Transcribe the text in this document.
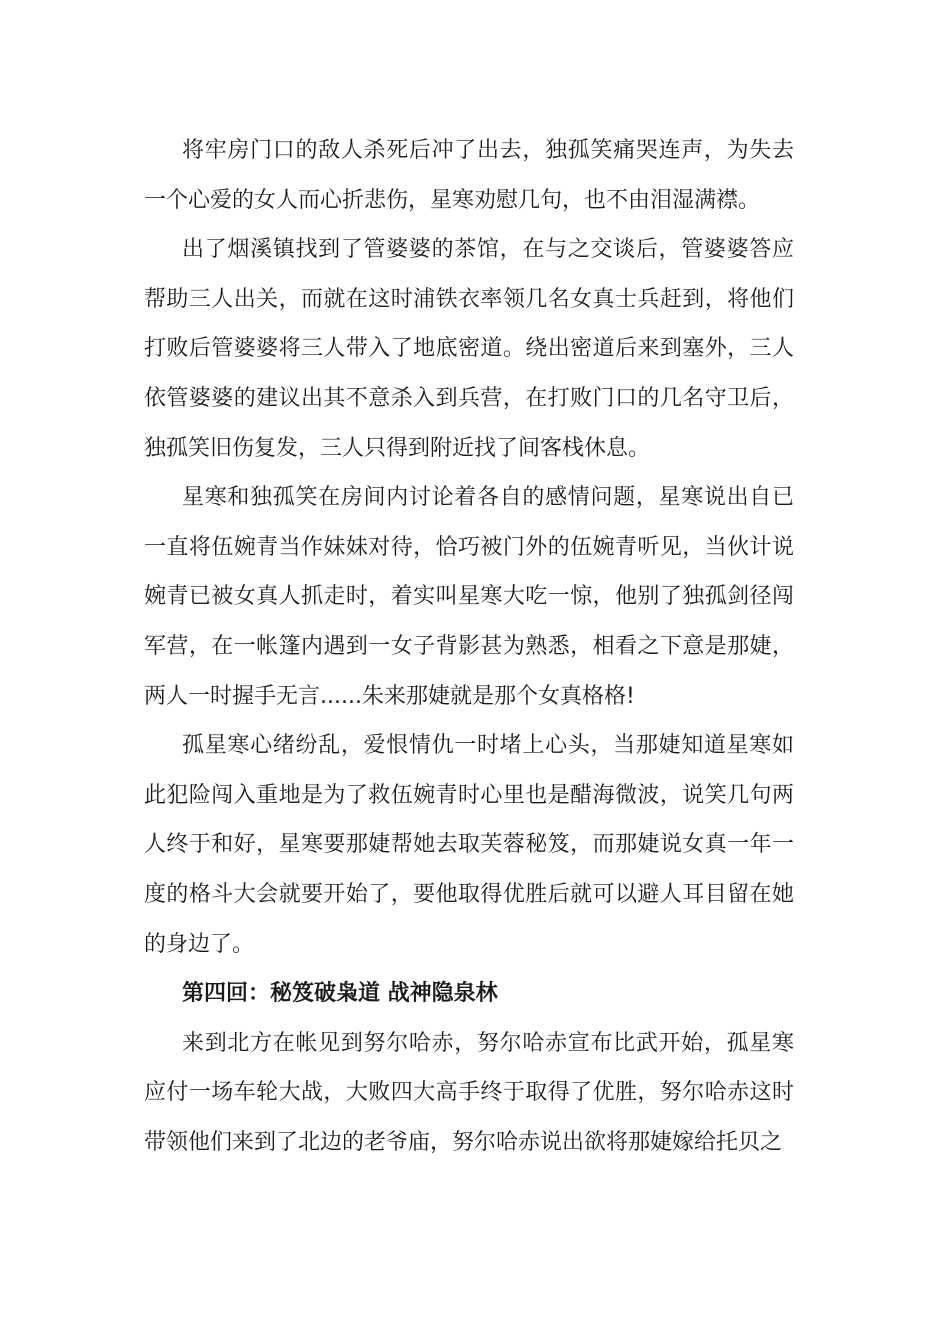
将牢房门口的敌人杀死后冲了出去，独孤笑痛哭连声，为失去一个心爱的女人而心折悲伤，星寒劝慰几句，也不由泪湿满襟。

出了烟溪镇找到了管婆婆的茶馆，在与之交谈后，管婆婆答应帮助三人出关，而就在这时浦铁衣率领几名女真士兵赶到，将他们打败后管婆婆将三人带入了地底密道。绕出密道后来到塞外，三人依管婆婆的建议出其不意杀入到兵营，在打败门口的几名守卫后，独孤笑旧伤复发，三人只得到附近找了间客栈休息。

星寒和独孤笑在房间内讨论着各自的感情问题，星寒说出自已一直将伍婉青当作妹妹对待，恰巧被门外的伍婉青听见，当伙计说婉青已被女真人抓走时，着实叫星寒大吃一惊，他别了独孤剑径闯军营，在一帐篷内遇到一女子背影甚为熟悉，相看之下意是那婕，两人一时握手无言......朱来那婕就是那个女真格格!

孤星寒心绪纷乱，爱恨情仇一时堵上心头，当那婕知道星寒如此犯险闯入重地是为了救伍婉青时心里也是醋海微波，说笑几句两人终于和好，星寒要那婕帮她去取芙蓉秘笈，而那婕说女真一年一度的格斗大会就要开始了，要他取得优胜后就可以避人耳目留在她的身边了。

第四回：秘笈破枭道 战神隐泉林

来到北方在帐见到努尔哈赤，努尔哈赤宣布比武开始，孤星寒应付一场车轮大战，大败四大高手终于取得了优胜，努尔哈赤这时带领他们来到了北边的老爷庙，努尔哈赤说出欲将那婕嫁给托贝之
